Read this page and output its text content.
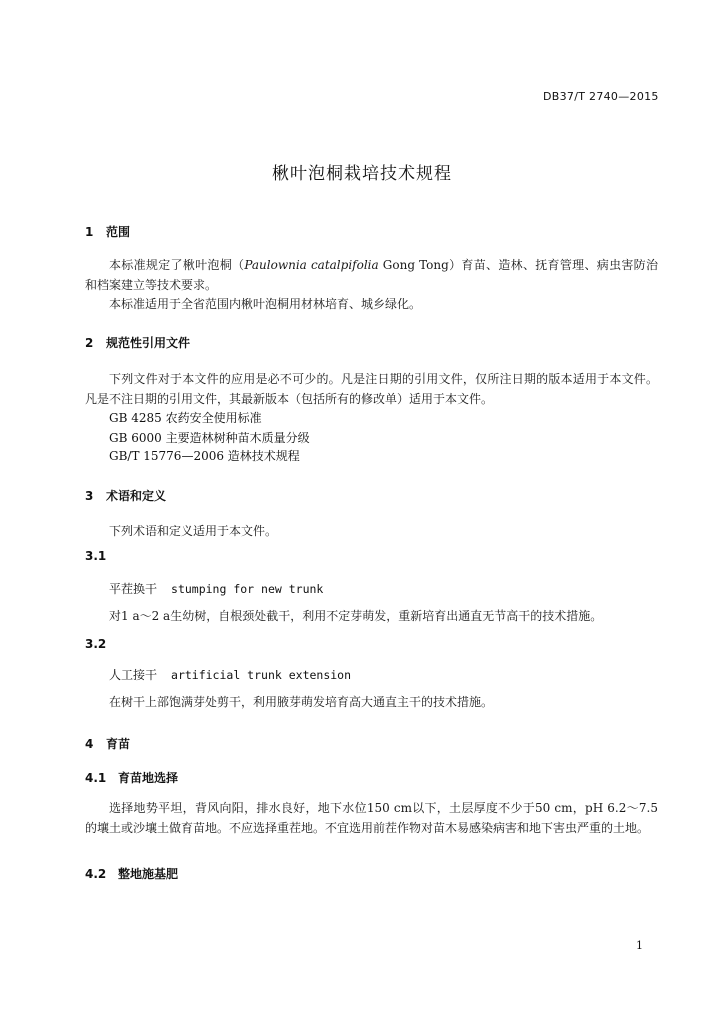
DB37/T 2740—2015
楸叶泡桐栽培技术规程
1 范围
本标准规定了楸叶泡桐（Paulownia catalpifolia Gong Tong）育苗、造林、抚育管理、病虫害防治和档案建立等技术要求。
本标准适用于全省范围内楸叶泡桐用材林培育、城乡绿化。
2 规范性引用文件
下列文件对于本文件的应用是必不可少的。凡是注日期的引用文件，仅所注日期的版本适用于本文件。凡是不注日期的引用文件，其最新版本（包括所有的修改单）适用于本文件。
GB 4285 农药安全使用标准
GB 6000 主要造林树种苗木质量分级
GB/T 15776—2006 造林技术规程
3 术语和定义
下列术语和定义适用于本文件。
3.1
平茬换干 stumping for new trunk
对1 a～2 a生幼树，自根颈处截干，利用不定芽萌发，重新培育出通直无节高干的技术措施。
3.2
人工接干 artificial trunk extension
在树干上部饱满芽处剪干，利用腋芽萌发培育高大通直主干的技术措施。
4 育苗
4.1 育苗地选择
选择地势平坦，背风向阳，排水良好，地下水位150 cm以下，土层厚度不少于50 cm，pH 6.2～7.5的壤土或沙壤土做育苗地。不应选择重茬地。不宜选用前茬作物对苗木易感染病害和地下害虫严重的土地。
4.2 整地施基肥
1
